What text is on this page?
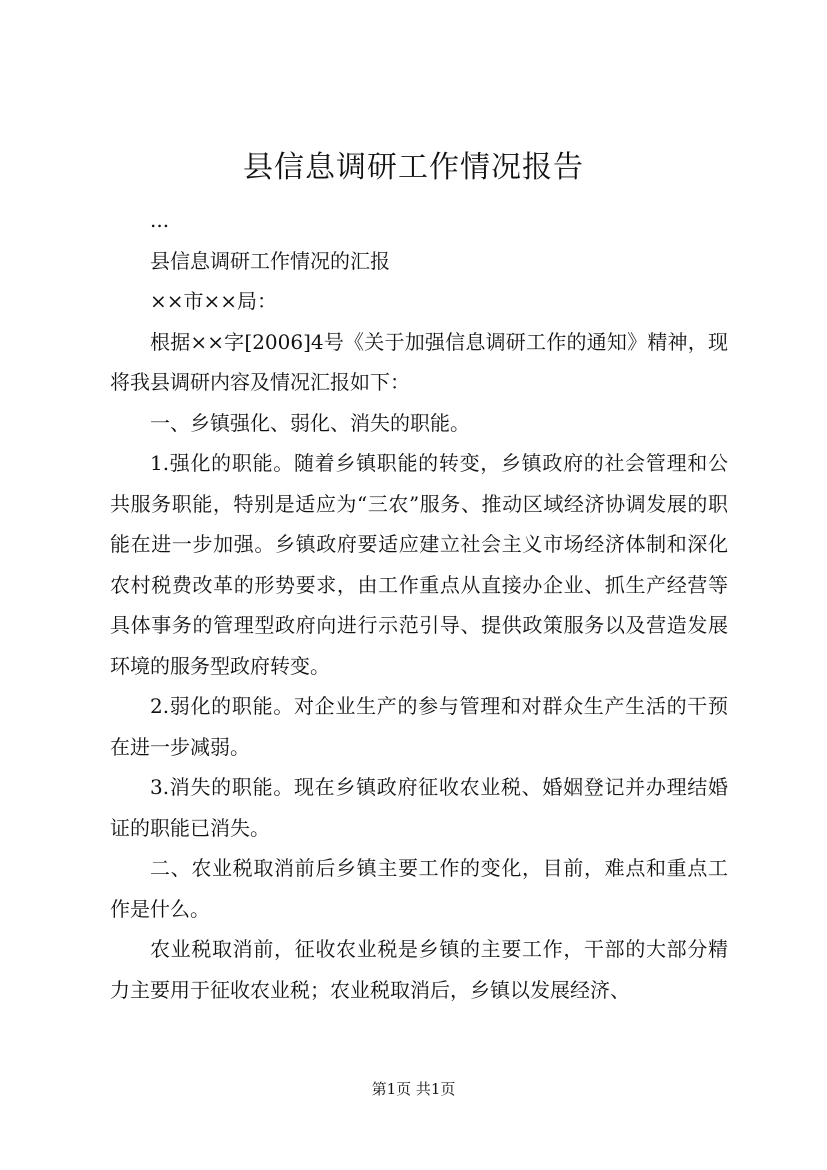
县信息调研工作情况报告

...

县信息调研工作情况的汇报

××市××局：

根据××字[2006]4号《关于加强信息调研工作的通知》精神，现将我县调研内容及情况汇报如下：

一、乡镇强化、弱化、消失的职能。

1.强化的职能。随着乡镇职能的转变，乡镇政府的社会管理和公共服务职能，特别是适应为“三农”服务、推动区域经济协调发展的职能在进一步加强。乡镇政府要适应建立社会主义市场经济体制和深化农村税费改革的形势要求，由工作重点从直接办企业、抓生产经营等具体事务的管理型政府向进行示范引导、提供政策服务以及营造发展环境的服务型政府转变。

2.弱化的职能。对企业生产的参与管理和对群众生产生活的干预在进一步减弱。

3.消失的职能。现在乡镇政府征收农业税、婚姻登记并办理结婚证的职能已消失。

二、农业税取消前后乡镇主要工作的变化，目前，难点和重点工作是什么。

农业税取消前，征收农业税是乡镇的主要工作，干部的大部分精力主要用于征收农业税；农业税取消后，乡镇以发展经济、

第1页 共1页
